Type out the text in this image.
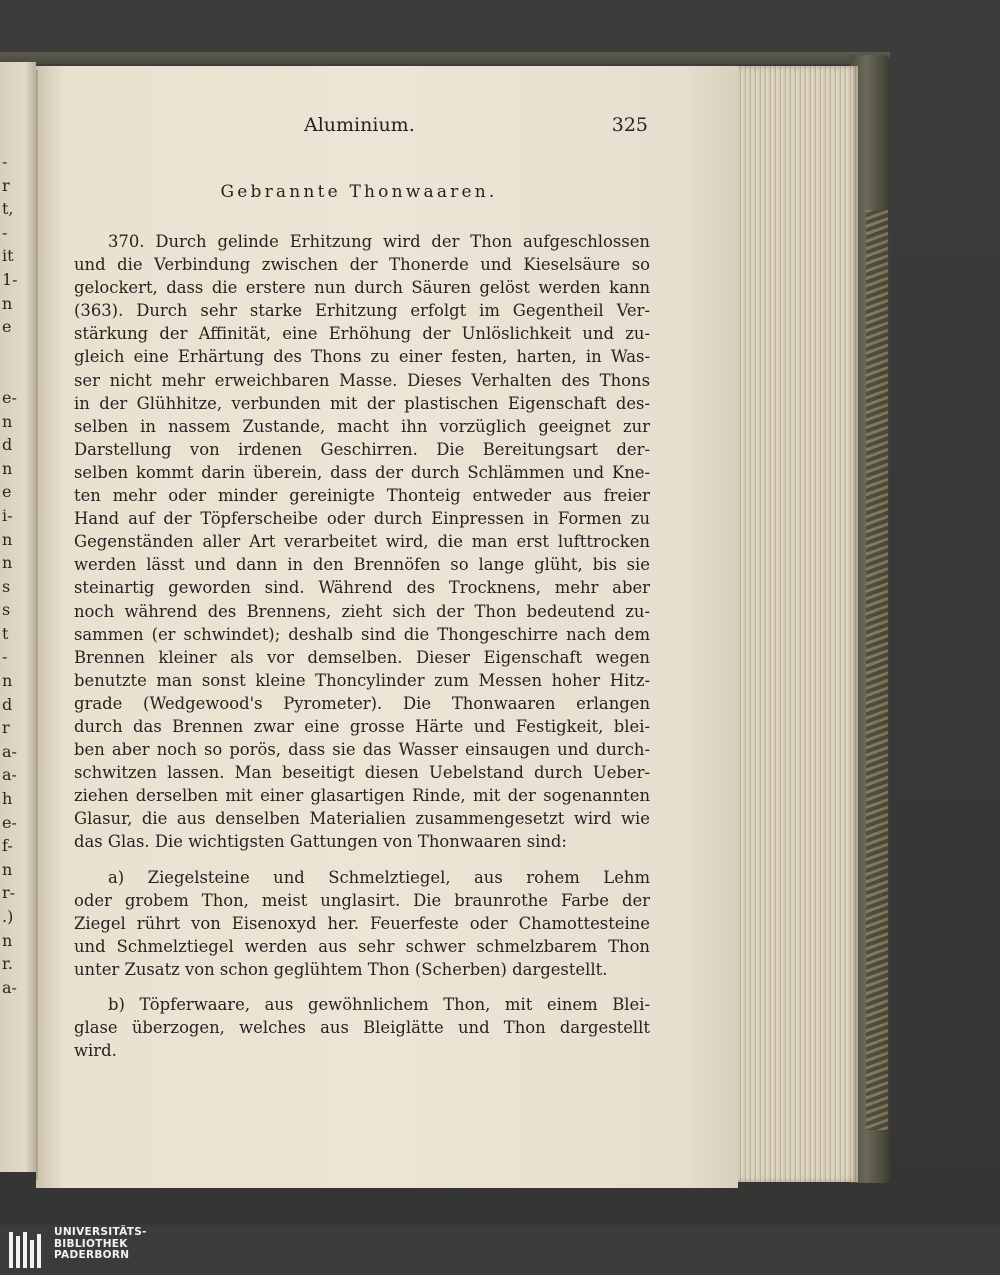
-
r
t,
-
it
1-
n
e
e-
n
d
n
e
i-
n
n
s
s
t
-
n
d
r
a-
a-
h
e-
f-
n
r-
.)
n
r.
a-
Aluminium.	325
Gebrannte Thonwaaren.
370. Durch gelinde Erhitzung wird der Thon aufgeschlossen
und die Verbindung zwischen der Thonerde und Kieselsäure so
gelockert, dass die erstere nun durch Säuren gelöst werden kann
(363). Durch sehr starke Erhitzung erfolgt im Gegentheil Ver-
stärkung der Affinität, eine Erhöhung der Unlöslichkeit und zu-
gleich eine Erhärtung des Thons zu einer festen, harten, in Was-
ser nicht mehr erweichbaren Masse. Dieses Verhalten des Thons
in der Glühhitze, verbunden mit der plastischen Eigenschaft des-
selben in nassem Zustande, macht ihn vorzüglich geeignet zur
Darstellung von irdenen Geschirren. Die Bereitungsart der-
selben kommt darin überein, dass der durch Schlämmen und Kne-
ten mehr oder minder gereinigte Thonteig entweder aus freier
Hand auf der Töpferscheibe oder durch Einpressen in Formen zu
Gegenständen aller Art verarbeitet wird, die man erst lufttrocken
werden lässt und dann in den Brennöfen so lange glüht, bis sie
steinartig geworden sind. Während des Trocknens, mehr aber
noch während des Brennens, zieht sich der Thon bedeutend zu-
sammen (er schwindet); deshalb sind die Thongeschirre nach dem
Brennen kleiner als vor demselben. Dieser Eigenschaft wegen
benutzte man sonst kleine Thoncylinder zum Messen hoher Hitz-
grade (Wedgewood's Pyrometer). Die Thonwaaren erlangen
durch das Brennen zwar eine grosse Härte und Festigkeit, blei-
ben aber noch so porös, dass sie das Wasser einsaugen und durch-
schwitzen lassen. Man beseitigt diesen Uebelstand durch Ueber-
ziehen derselben mit einer glasartigen Rinde, mit der sogenannten
Glasur, die aus denselben Materialien zusammengesetzt wird wie
das Glas. Die wichtigsten Gattungen von Thonwaaren sind:
a) Ziegelsteine und Schmelztiegel, aus rohem Lehm
oder grobem Thon, meist unglasirt. Die braunrothe Farbe der
Ziegel rührt von Eisenoxyd her. Feuerfeste oder Chamottesteine
und Schmelztiegel werden aus sehr schwer schmelzbarem Thon
unter Zusatz von schon geglühtem Thon (Scherben) dargestellt.
b) Töpferwaare, aus gewöhnlichem Thon, mit einem Blei-
glase überzogen, welches aus Bleiglätte und Thon dargestellt
wird.
UNIVERSITÄTS-
BIBLIOTHEK
PADERBORN
